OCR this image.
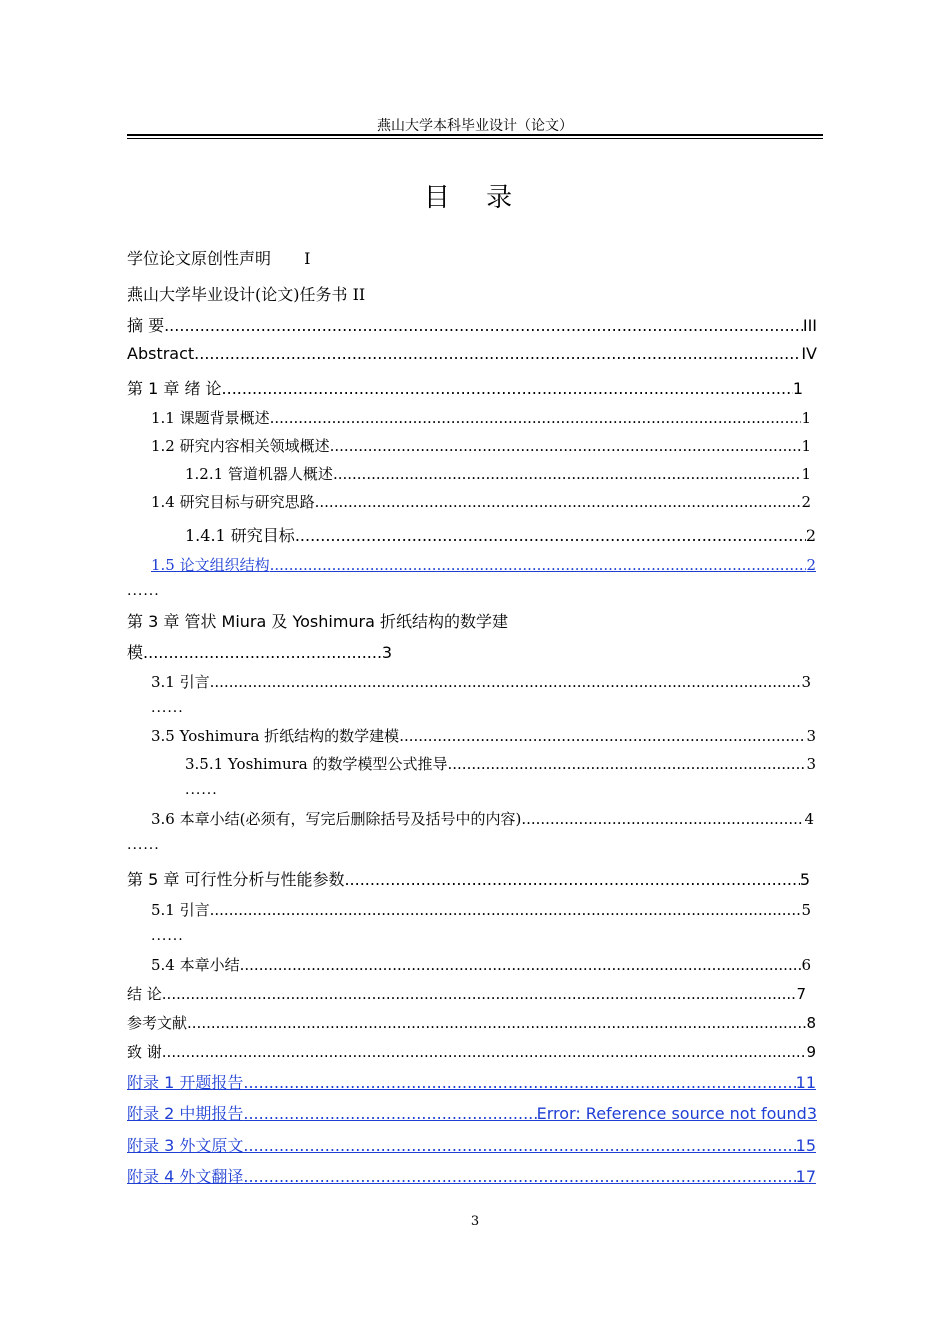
燕山大学本科毕业设计（论文）
目 录
学位论文原创性声明 I
燕山大学毕业设计(论文)任务书 II
摘 要 .....	III
Abstract .....	IV
第 1 章 绪 论 .....	1
1.1 课题背景概述 .....	1
1.2 研究内容相关领域概述 .....	1
1.2.1 管道机器人概述 .....	1
1.4 研究目标与研究思路 .....	2
1.4.1 研究目标 .....	2
1.5 论文组织结构 .....	2
......
第 3 章 管状 Miura 及 Yoshimura 折纸结构的数学建
模 .....	3
3.1 引言 .....	3
......
3.5 Yoshimura 折纸结构的数学建模 .....	3
3.5.1 Yoshimura 的数学模型公式推导 .....	3
......
3.6 本章小结(必须有，写完后删除括号及括号中的内容) .....	4
......
第 5 章 可行性分析与性能参数 .....	5
5.1 引言 .....	5
......
5.4 本章小结 .....	6
结 论 .....	7
参考文献 .....	8
致 谢 .....	9
附录 1 开题报告 .....	11
附录 2 中期报告 .....	Error: Reference source not found3
附录 3 外文原文 .....	15
附录 4 外文翻译 .....	17
3
